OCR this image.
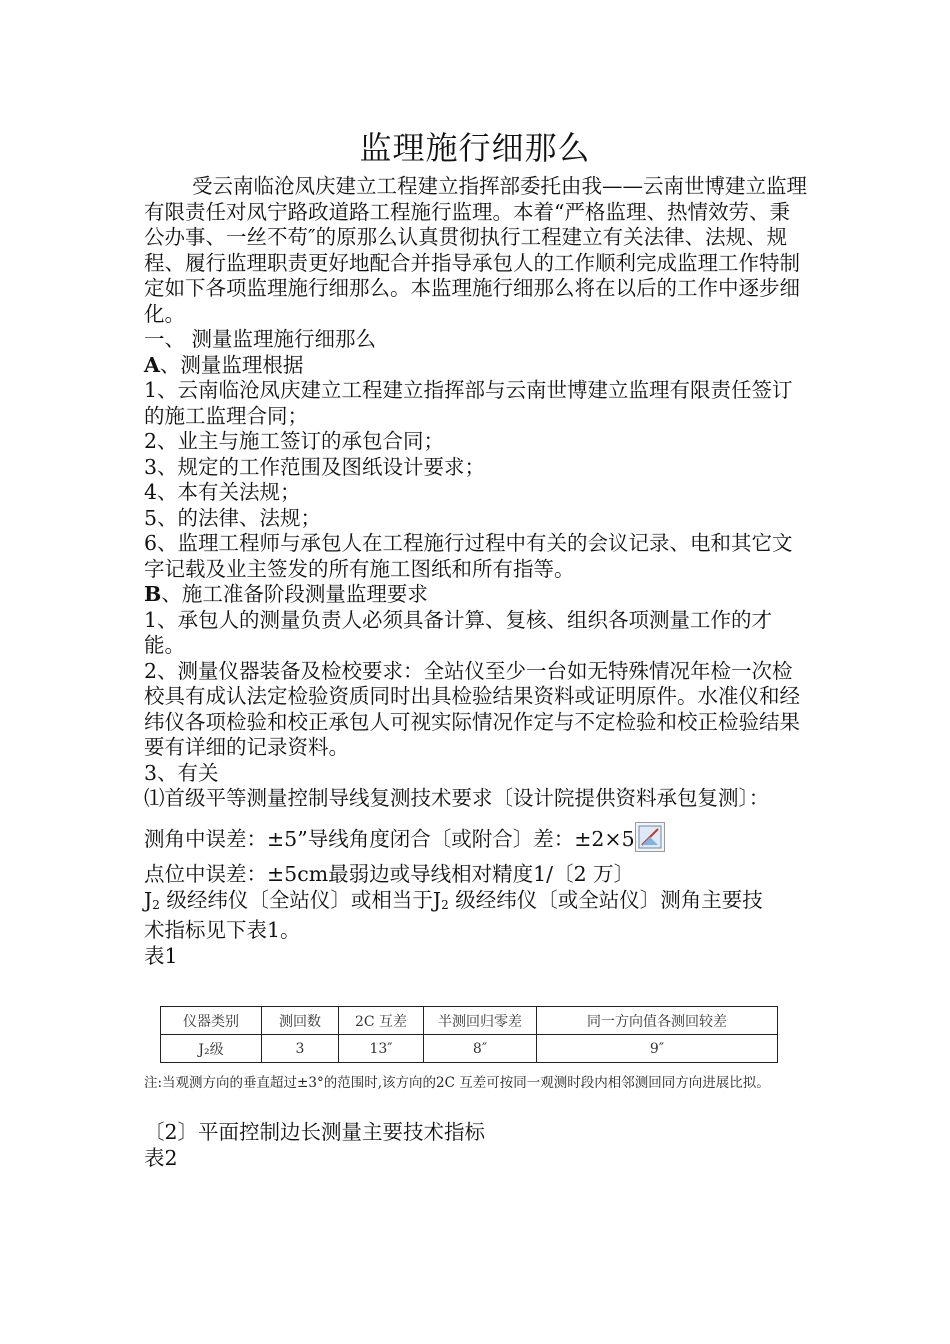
监理施行细那么

受云南临沧凤庆建立工程建立指挥部委托由我——云南世博建立监理有限责任对凤宁路政道路工程施行监理。本着“严格监理、热情效劳、秉公办事、一丝不苟″的原那么认真贯彻执行工程建立有关法律、法规、规程、履行监理职责更好地配合并指导承包人的工作顺利完成监理工作特制定如下各项监理施行细那么。本监理施行细那么将在以后的工作中逐步细化。

一、 测量监理施行细那么

A、测量监理根据

1、云南临沧凤庆建立工程建立指挥部与云南世博建立监理有限责任签订的施工监理合同；

2、业主与施工签订的承包合同；

3、规定的工作范围及图纸设计要求；

4、本有关法规；

5、的法律、法规；

6、监理工程师与承包人在工程施行过程中有关的会议记录、电和其它文字记载及业主签发的所有施工图纸和所有指等。

B、施工准备阶段测量监理要求

1、承包人的测量负责人必须具备计算、复核、组织各项测量工作的才能。

2、测量仪器装备及检校要求：全站仪至少一台如无特殊情况年检一次检校具有成认法定检验资质同时出具检验结果资料或证明原件。水准仪和经纬仪各项检验和校正承包人可视实际情况作定与不定检验和校正检验结果要有详细的记录资料。

3、有关

⑴首级平等测量控制导线复测技术要求〔设计院提供资料承包复测〕：

测角中误差：±5”导线角度闭合〔或附合〕差：±2×5

点位中误差：±5cm最弱边或导线相对精度1/〔2 万〕

J2 级经纬仪〔全站仪〕或相当于J2 级经纬仪〔或全站仪〕测角主要技

术指标见下表1。

表1

仪器类别	测回数	2C 互差	半测回归零差	同一方向值各测回较差
J₂级	3	13″	8″	9″
注:当观测方向的垂直超过±3°的范围时,该方向的2C 互差可按同一观测时段内相邻测回同方向进展比拟。

〔2〕平面控制边长测量主要技术指标

表2
